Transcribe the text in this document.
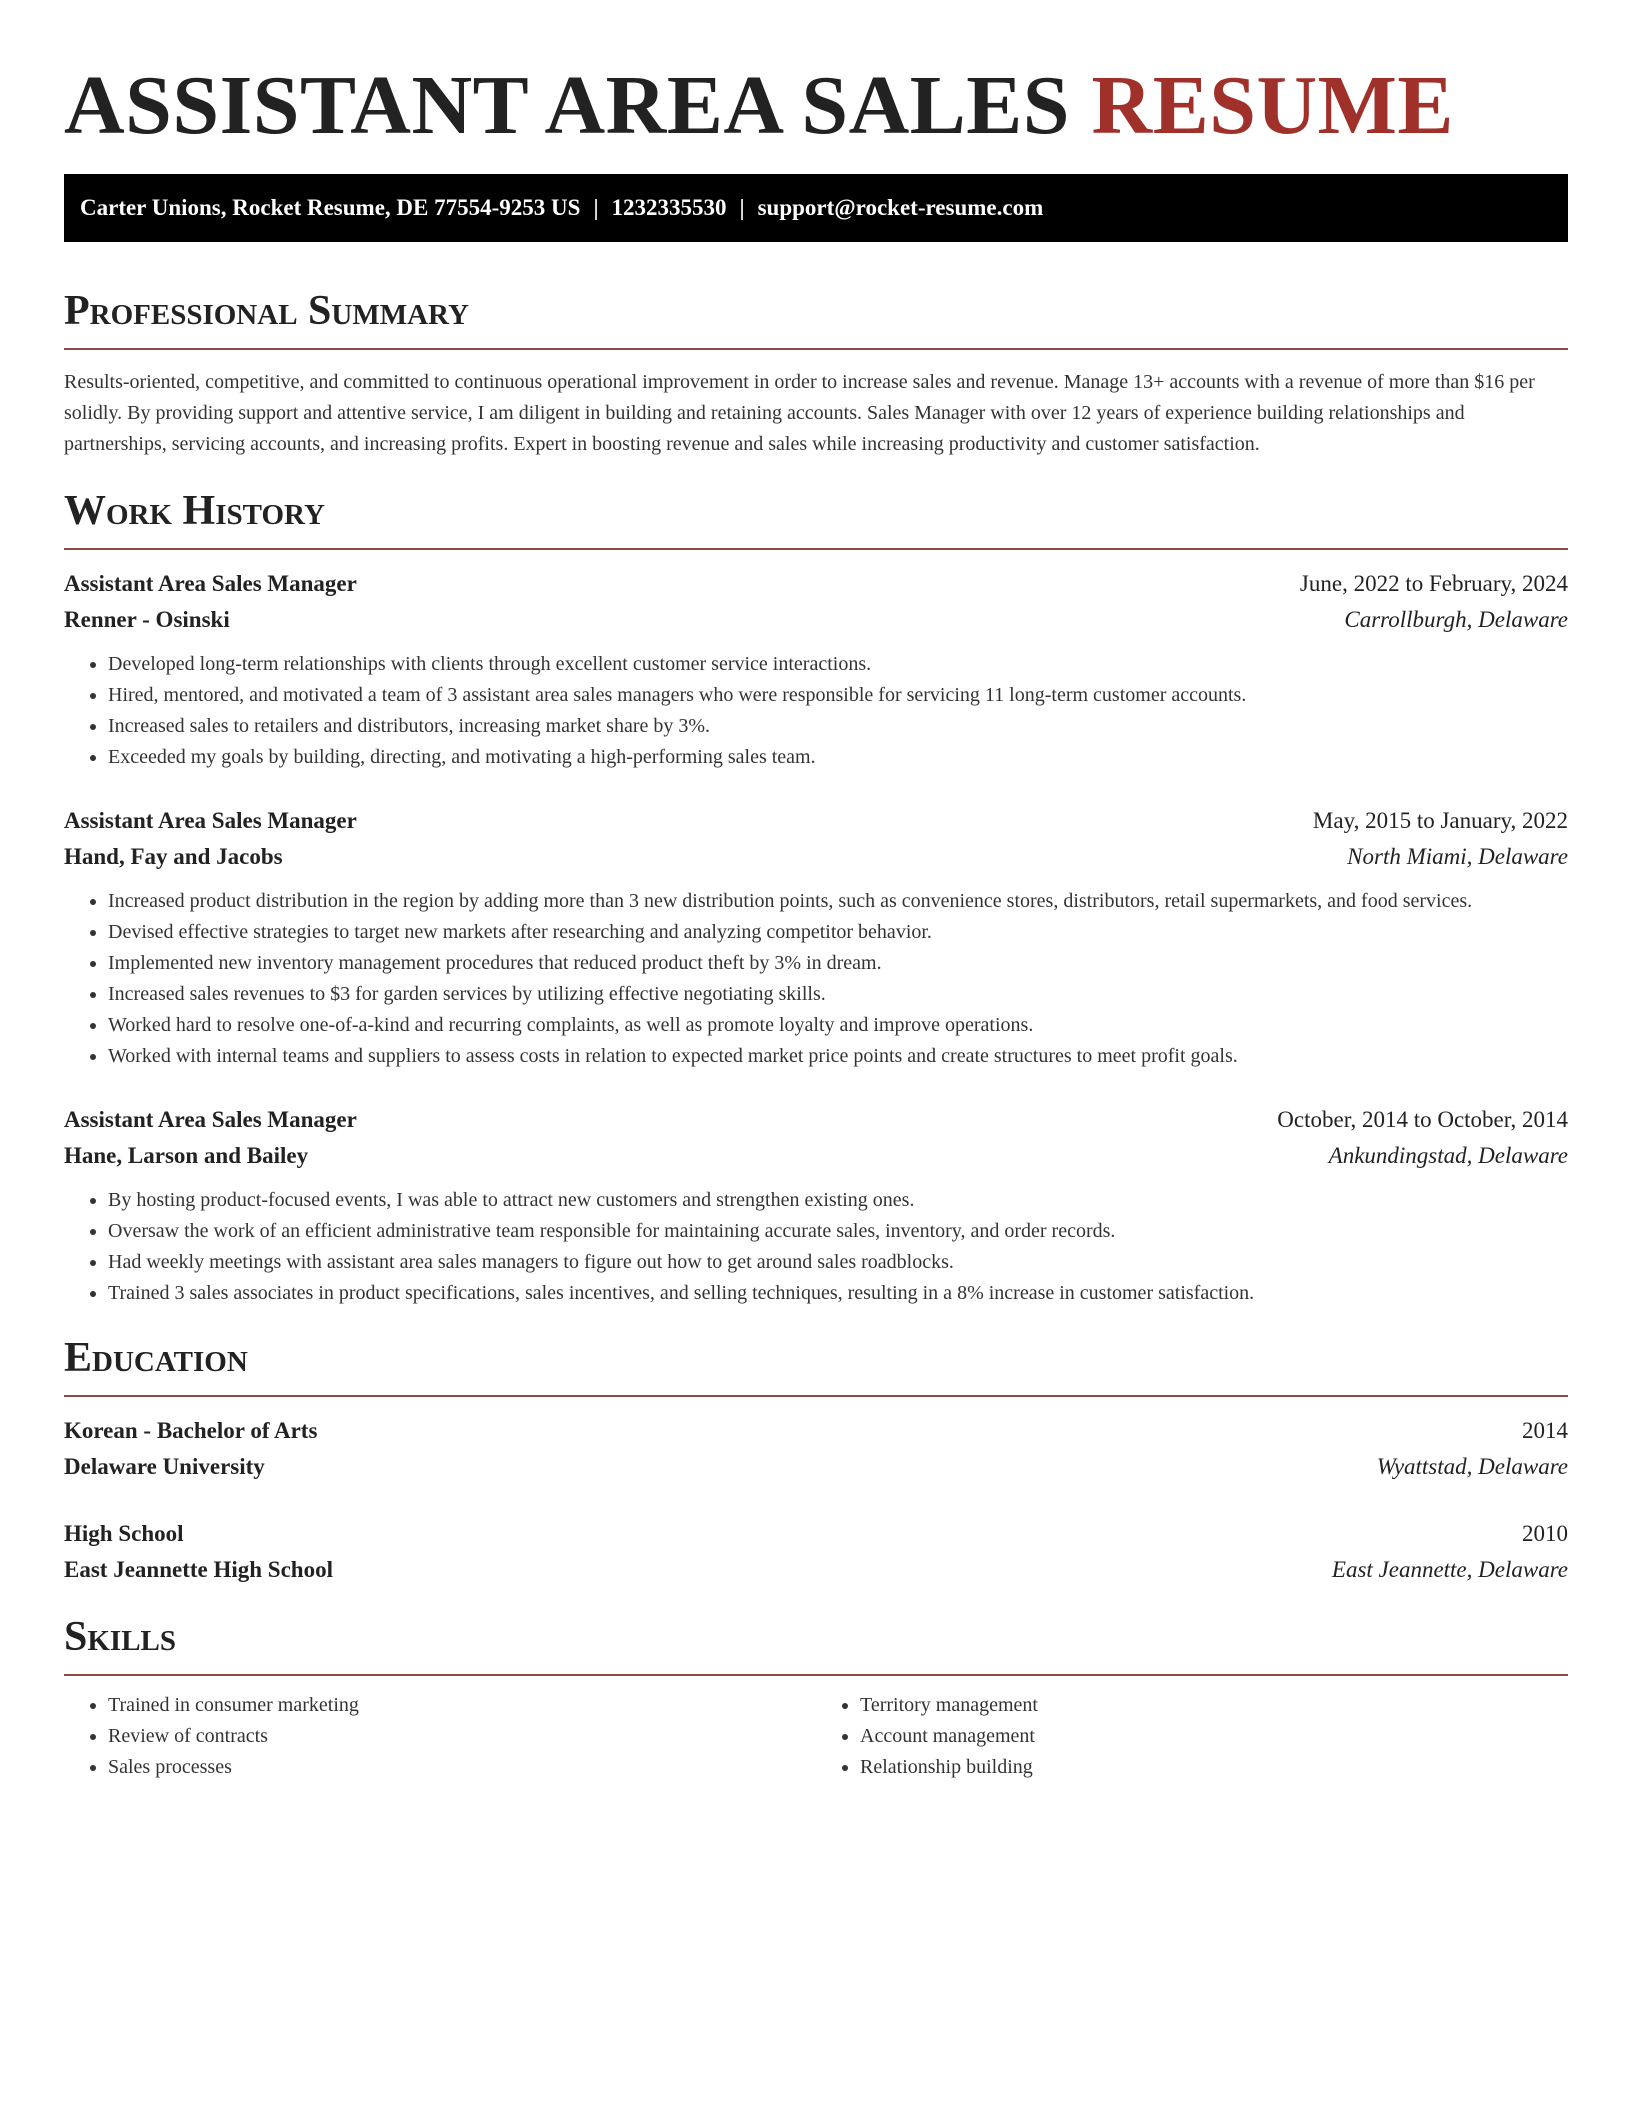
ASSISTANT AREA SALES RESUME
Carter Unions, Rocket Resume, DE 77554-9253 US | 1232335530 | support@rocket-resume.com
Professional Summary
Results-oriented, competitive, and committed to continuous operational improvement in order to increase sales and revenue. Manage 13+ accounts with a revenue of more than $16 per solidly. By providing support and attentive service, I am diligent in building and retaining accounts. Sales Manager with over 12 years of experience building relationships and partnerships, servicing accounts, and increasing profits. Expert in boosting revenue and sales while increasing productivity and customer satisfaction.
Work History
Assistant Area Sales Manager	June, 2022 to February, 2024
Renner - Osinski	Carrollburgh, Delaware
• Developed long-term relationships with clients through excellent customer service interactions.
• Hired, mentored, and motivated a team of 3 assistant area sales managers who were responsible for servicing 11 long-term customer accounts.
• Increased sales to retailers and distributors, increasing market share by 3%.
• Exceeded my goals by building, directing, and motivating a high-performing sales team.
Assistant Area Sales Manager	May, 2015 to January, 2022
Hand, Fay and Jacobs	North Miami, Delaware
• Increased product distribution in the region by adding more than 3 new distribution points, such as convenience stores, distributors, retail supermarkets, and food services.
• Devised effective strategies to target new markets after researching and analyzing competitor behavior.
• Implemented new inventory management procedures that reduced product theft by 3% in dream.
• Increased sales revenues to $3 for garden services by utilizing effective negotiating skills.
• Worked hard to resolve one-of-a-kind and recurring complaints, as well as promote loyalty and improve operations.
• Worked with internal teams and suppliers to assess costs in relation to expected market price points and create structures to meet profit goals.
Assistant Area Sales Manager	October, 2014 to October, 2014
Hane, Larson and Bailey	Ankundingstad, Delaware
• By hosting product-focused events, I was able to attract new customers and strengthen existing ones.
• Oversaw the work of an efficient administrative team responsible for maintaining accurate sales, inventory, and order records.
• Had weekly meetings with assistant area sales managers to figure out how to get around sales roadblocks.
• Trained 3 sales associates in product specifications, sales incentives, and selling techniques, resulting in a 8% increase in customer satisfaction.
Education
Korean - Bachelor of Arts	2014
Delaware University	Wyattstad, Delaware
High School	2010
East Jeannette High School	East Jeannette, Delaware
Skills
• Trained in consumer marketing
• Review of contracts
• Sales processes
• Territory management
• Account management
• Relationship building
